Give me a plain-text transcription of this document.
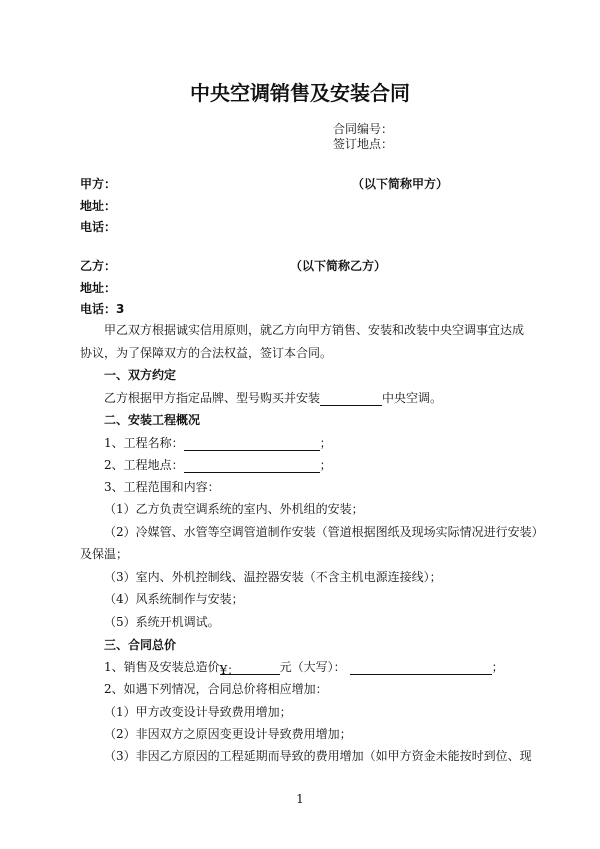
中央空调销售及安装合同
合同编号：
签订地点：
甲方：	（以下简称甲方）
地址：
电话：
乙方：	（以下简称乙方）
地址：
电话：3
甲乙双方根据诚实信用原则，就乙方向甲方销售、安装和改装中央空调事宜达成
协议，为了保障双方的合法权益，签订本合同。
一、双方约定
乙方根据甲方指定品牌、型号购买并安装	中央空调。
二、安装工程概况
1、工程名称：	；
2、工程地点：	；
3、工程范围和内容：
（1）乙方负责空调系统的室内、外机组的安装；
（2）冷媒管、水管等空调管道制作安装（管道根据图纸及现场实际情况进行安装）
及保温；
（3）室内、外机控制线、温控器安装（不含主机电源连接线）；
（4）风系统制作与安装；
（5）系统开机调试。
三、合同总价
1、销售及安装总造价¥：	元（大写）：	；
2、如遇下列情况，合同总价将相应增加：
（1）甲方改变设计导致费用增加；
（2）非因双方之原因变更设计导致费用增加；
（3）非因乙方原因的工程延期而导致的费用增加（如甲方资金未能按时到位、现
1
